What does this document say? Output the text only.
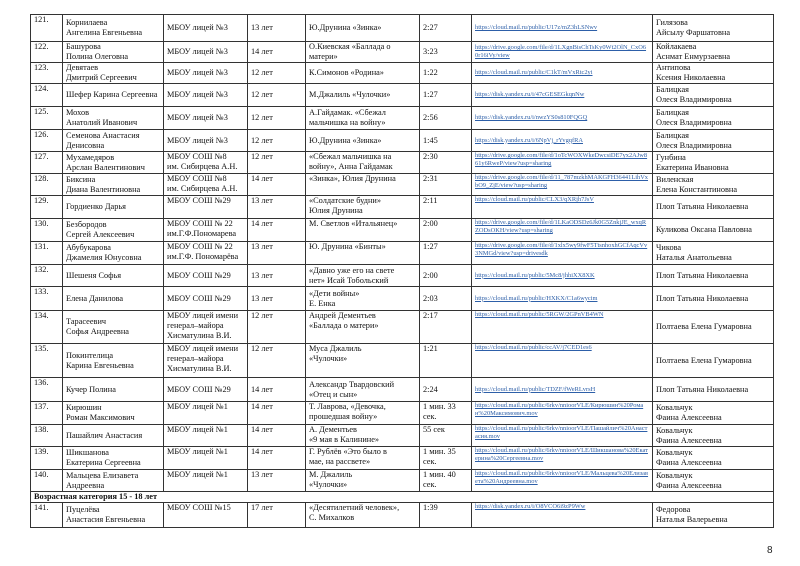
121.	Корнилаева
Ангелина Евгеньевна	МБОУ лицей №3	13 лет	Ю.Друнина «Зинка»	2:27	https://cloud.mail.ru/public/U17z/mZ3hLSNwv	Гилязова
Айсылу Фаршатовна

122.	Башурова
Полина Олеговна	МБОУ лицей №3	14 лет	О.Киевская «Баллада о
матери»	3:23	https://drive.google.com/file/d/1LXgnBisChTsKy0Wt2OlN_CxO60r16iVy/view	Койлакаева
Аснмат Енмурзаевна

123.	Девятаев
Дмитрий Сергеевич	МБОУ лицей №3	12 лет	К.Симонов «Родина»	1:22	https://cloud.mail.ru/public/C1kT/mVxRtc2yi	Антипова
Ксения Николаевна

124.	Шефер Карина Сергеевна	МБОУ лицей №3	12 лет	М.Джалиль «Чулочки»	1:27	https://disk.yandex.ru/i/47cGESEGkqnNw	Балицкая
Олеся Владимировна

125.	Мохов
Анатолий Иванович	МБОУ лицей №3	12 лет	А.Гайдамак. «Сбежал
мальчишка на войну»	2:56	https://disk.yandex.ru/i/nwzYS0s810FQGQ	Балицкая
Олеся Владимировна

126.	Семенова Анастасия
Денисовна	МБОУ лицей №3	12 лет	Ю.Друнина «Зинка»	1:45	https://disk.yandex.ru/i/6NpVj_rYvgqfRA	Балицкая
Олеся Владимировна

127.	Мухамедяров
Арслан Валентинович	МБОУ СОШ №8
им. Сибирцева А.Н.	12 лет	«Сбежал мальчишка на
войну», Анна Гайдамак	2:30	https://drive.google.com/file/d/1oTcWOXWkeDwcsiDE7yx2AJw861y6RweP/view?usp=sharing	Гунбина
Екатерина Ивановна

128.	Биксина
Диана Валентиновна	МБОУ СОШ №8
им. Сибирцева А.Н.	14 лет	«Зинка», Юлия Друнина	2:31	https://drive.google.com/file/d/11_787mzkhMAKGFH36441LihVxbO9_ZjE/view?usp=sharing	Виленская
Елена Константиновна

129.	Гордиенко Дарья	МБОУ СОШ №29	13 лет	«Солдатские будни»
Юлия Друнина	2:11	https://cloud.mail.ru/public/CLX3/qXRjh7JsV	Плоп Татьяна Николаевна

130.	Безбородов
Сергей Алексеевич	МБОУ СОШ № 22
им.Г.Ф.Пономарева	14 лет	М. Светлов «Итальянец»	2:00	https://drive.google.com/file/d/1LKaODSDz6Jk0G5ZnkjJE_wxqRZODsOKH/view?usp=sharing	Куликова Оксана Павловна

131.	Абубукарова
Джамелия Юнусовна	МБОУ СОШ № 22
им.Г.Ф. Пономарёва	13 лет	Ю. Друнина «Бинты»	1:27	https://drive.google.com/file/d/1xlx5wy9fwF5TtsnhoxhGCfAqcVv3NMGd/view?usp=drivesdk	Чикова
Наталья Анатольевна

132.	Шешеня Софья	МБОУ СОШ №29	13 лет	«Давно уже его на свете
нет» Исай Тобольский	2:00	https://cloud.mail.ru/public/5Mc8/jhhiXX8XK	Плоп Татьяна Николаевна

133.	Елена Данилова	МБОУ СОШ №29	13 лет	«Дети войны»
Е. Енка	2:03	https://cloud.mail.ru/public/HXKX/C1a6wycim	Плоп Татьяна Николаевна

134.	Тарасеевич
Софья Андреевна	МБОУ лицей имени
генерал–майора
Хисматулина В.И.	12 лет	Андрей Дементьев
«Баллада о матери»	2:17	https://cloud.mail.ru/public/5RGW/2GPnVB4WN	Полтаева Елена Гумаровна

135.	Покинтелица
Карина Евгеньевна	МБОУ лицей имени
генерал–майора
Хисматулина В.И.	12 лет	Муса Джалиль
«Чулочки»	1:21	https://cloud.mail.ru/public/ccAV/j7CED1es6	Полтаева Елена Гумаровна

136.	Кучер Полина	МБОУ СОШ №29	14 лет	Александр Твардовский
«Отец и сын»	2:24	https://cloud.mail.ru/public/TDZF/fWeRLvrsH	Плоп Татьяна Николаевна

137.	Кирюшин
Роман Максимович	МБОУ лицей №1	14 лет	Т. Лаврова, «Девочка,
прошедшая войну»	1 мин. 33 сек.	https://cloud.mail.ru/public/6rkv/nnioorVLE/Кирюшин%20Роман%20Максимович.mov	Ковальчук
Фаина Алексеевна

138.	Пашайлич Анастасия	МБОУ лицей №1	14 лет	А. Дементьев
«9 мая в Калинине»	55 сек	https://cloud.mail.ru/public/6rkv/nnioorVLE/Пашайлич%20Анастасия.mov	Ковальчук
Фаина Алексеевна

139.	Шикшанова
Екатерина Сергеевна	МБОУ лицей №1	14 лет	Г. Рублёв «Это было в
мае, на рассвете»	1 мин. 35 сек.	https://cloud.mail.ru/public/6rkv/nnioorVLE/Шикшанова%20Екатерина%20Сергеевна.mov	Ковальчук
Фаина Алексеевна

140.	Мальцева Елизавета
Андреевна	МБОУ лицей №1	13 лет	М. Джалиль
«Чулочки»	1 мин. 40 сек.	https://cloud.mail.ru/public/6rkv/nnioorVLE/Мальцева%20Елизавета%20Андреевна.mov	Ковальчук
Фаина Алексеевна

Возрастная категория 15 - 18 лет							
141.	Пуцелёва
Анастасия Евгеньевна	МБОУ СОШ №15	17 лет	«Десятилетний человек»,
С. Михалков	1:39	https://disk.yandex.ru/i/O8VCO6i9zP9Ww	Федорова
Наталья Валерьевна
8
